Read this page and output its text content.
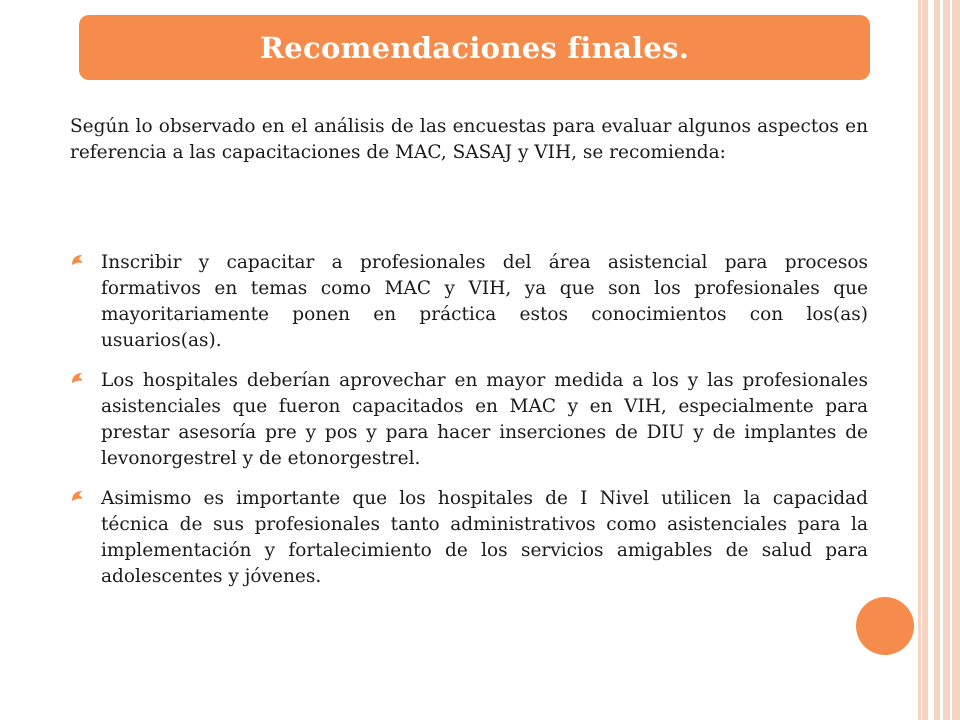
Recomendaciones finales.
Según lo observado en el análisis de las encuestas para evaluar algunos aspectos en referencia a las capacitaciones de MAC, SASAJ y VIH, se recomienda:
Inscribir y capacitar a profesionales del área asistencial para procesos formativos en temas como MAC y VIH, ya que son los profesionales que mayoritariamente ponen en práctica estos conocimientos con los(as) usuarios(as).
Los hospitales deberían aprovechar en mayor medida a los y las profesionales asistenciales que fueron capacitados en MAC y en VIH, especialmente para prestar asesoría pre y pos y para hacer inserciones de DIU y de implantes de levonorgestrel y de etonorgestrel.
Asimismo es importante que los hospitales de I Nivel utilicen la capacidad técnica de sus profesionales tanto administrativos como asistenciales para la implementación y fortalecimiento de los servicios amigables de salud para adolescentes y jóvenes.
